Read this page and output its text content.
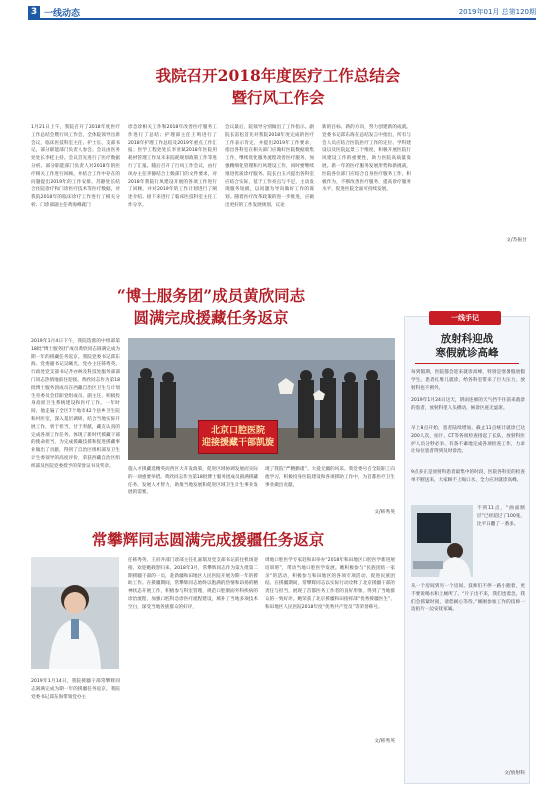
3 一线动态	2019年01月 总第120期
我院召开2018年度医疗工作总结会
暨行风工作会
1月21日上午，我院召开了2018年度医疗工作总结会暨行风工作会，全体院领导出席会议，临床医技科室主任、护士长、支部书记、部分职能部门负责人参会。会议由医务处处长李桂主持。会议首先进行了医疗数据分析。部分职能部门负责人对2018年的医疗相关工作进行回顾。并结合工作中存在的问题提出2019年的工作安排。苏静处长结合住院诊疗和门诊医疗技术等医疗数据，对我院2018年的临床诊疗工作进行了相关分析；门诊部副主任黄海峰就门
诊急诊相关工作和2018年改善医疗服务工作进行了总结；护理部主任王鸣进行了2018年护理工作总结及2019年重点工作汇报；医学工程处处长李亚斌2018年医院用耗材管理工作及未来院耗规划政策工作等进行了汇报。随后召开了行风工作会议，由行风办主任李静结合上级部门的文件要求，对2018年我院行风建设开展的各项工作进行了回顾，并对2019年的工作计划进行了阐述介绍。接下来进行了临床医技科室主任工作分享。
会议最后，院领导分别做出了工作指示。副院长雷松首先对我院2018年度完成的医疗工作表示肯定，并提出2019年工作要求，指出各科室在相关部门应做好医院数据收集工作，继续优化服务流程改善医疗服务，加强精细化管理和行风建设工作，同时要继续推进优质诊疗服务。院长白玉兴提出各科室应结合实际，基于工作亮点与不足，主动发现服务短板，以问题为导向做好工作的谋划。随着医疗改革政策的进一步推进，应做出更好的工作发展规划，议论
新的目标、新的方向，努力创建新的成就。党委书记邱东海在总结发言中指出，所有与会人员应结合医院医疗工作的定位、学科建设以及医院远景三个维度，积极开展医院行风建设工作的重要性，助力医院高质量发展。新一年的医疗服务发展形势和新挑战，医院各位部门应结合自身医疗服务工作，积极作为，不断改善医疗服务，提高诊疗服务水平，促进医院全面可持续发展。
文/苏振甘
“博士服务团”成员黄欣同志
圆满完成援藏任务返京
2019年1月4日下午，我院选派的中组部第18批“博士服务团”成员黄欣同志圆满完成为期一年的援藏任务返京。我院党委书记邱东海、党委副书记吴曦光、党办主任韩秀英、行政处党支部书记齐亦林及科技处服务部部门同志热情地前往迎接。黄欣同志作为第18批博士服务团成员在西藏自治区卫生与计划生育委员会挂职党组成员、副主任，积极投身高原卫生系统建设和医疗工作。一年时间，他走遍了全区7个地市42个县乡卫生院和村医室，深入基层调研，结合当地实际开展工作，勇于担当，甘于奉献，藏友认真的完成各项工作任务。体现了新时代援藏干部的使命担当，为完成援藏技援和促进援藏事业做出了贡献，得到了自治区组织部及卫生计生委领导的高度评价，荣获西藏自治区组织部及医院党委授予的荣誉证书及奖章。
北京口腔医院
迎接援藏干部凯旋
施入才援藏选精英而西区大开发政策，促进区域协调发展而实际的一项重要举措。黄欣同志作为第18批博士服务团成员圆满援藏任务，发展人才智力，助推当地发展和促进区域卫生计生事业发展的需要。
现了我院“严精勤谨”、大爱无疆的风采。我党委号召全院职工向他学习，积极投身医院建设和各项援助工作中，为首都医疗卫生事业做出贡献。
文/韩秀英
常攀辉同志圆满完成援疆任务返京
2019年1月14日，我院援疆干部常攀辉同志圆满完成为期一年的援疆任务返京。我院党委书记邱东海带领党办主
任韩秀英、王府井部门诊部主任孔嘉瑞及党支部书记前往机场迎接，欢迎她载誉归来。2018年3月，常攀辉同志作为第九批第二期援疆干部的一员，赴新疆和田地区人民医院开展为期一年的援助工作。在援疆期间，常攀辉同志始终以饱满的热情和昂扬的精神状态开展工作，积极参与科室管理，规范口腔颌面外科疾病的诊治流程，加强口腔科急诊医疗流程建设，填补了当地多项技术空白，深受当地各族群众的好评，
周地口腔医学专家赴和田举办“2018年和田地区口腔医学新进展培训班”，带动当地口腔医学发展。她积极参与“民族团结一家亲”的活动，积极参与和田地区的各项专项活动，促进民族团结。在援疆期间，常攀辉同志以实际行动诠释了北京援疆干部的责任与担当，展现了首都医务工作者的良好形象，得到了当地群众的一致好评。她荣获了北京援疆和田指挥部“优秀援疆医生”、和田地区人民医院2018年度“优秀共产党员”等荣誉称号。
文/韩秀英
一线手记
放射科迎战
寒假就诊高峰
每到假期，医院都会迎来就诊高峰，特别是寒暑假放假学生。患者扎堆儿就诊，给各科室带来了巨大压力，放射科也不例外。
2019年1月24日这天，阴雨连绵的天气挡不住前来就诊的患者，放射科里人头攒动，候诊区座无虚席。
早上8点开始，患者陆续增加，截止11点统计就诊已达200人次，拍片、CT等各项检查排起了长队，放射科医护人员分秒必争、有条不紊地完成各项检查工作，力求让每位患者得到及时诊治。
9点多正是放射科患者最集中的时段，医院各科室的检查单不断送来，大家顾不上喝口水，全力应对就诊高峰。
不到11点，“曲面断层”已经超过了100张，比平日翻了一番多。
从一个房间到另一个房间，技师们不停一路小跑着，更不要说喝水和上厕所了。“片子出不来，我们也着急，我们会抓紧时间，请您耐心等待。”刚刚参加工作的技师一边拍片一边安抚家属。
文/放射科
